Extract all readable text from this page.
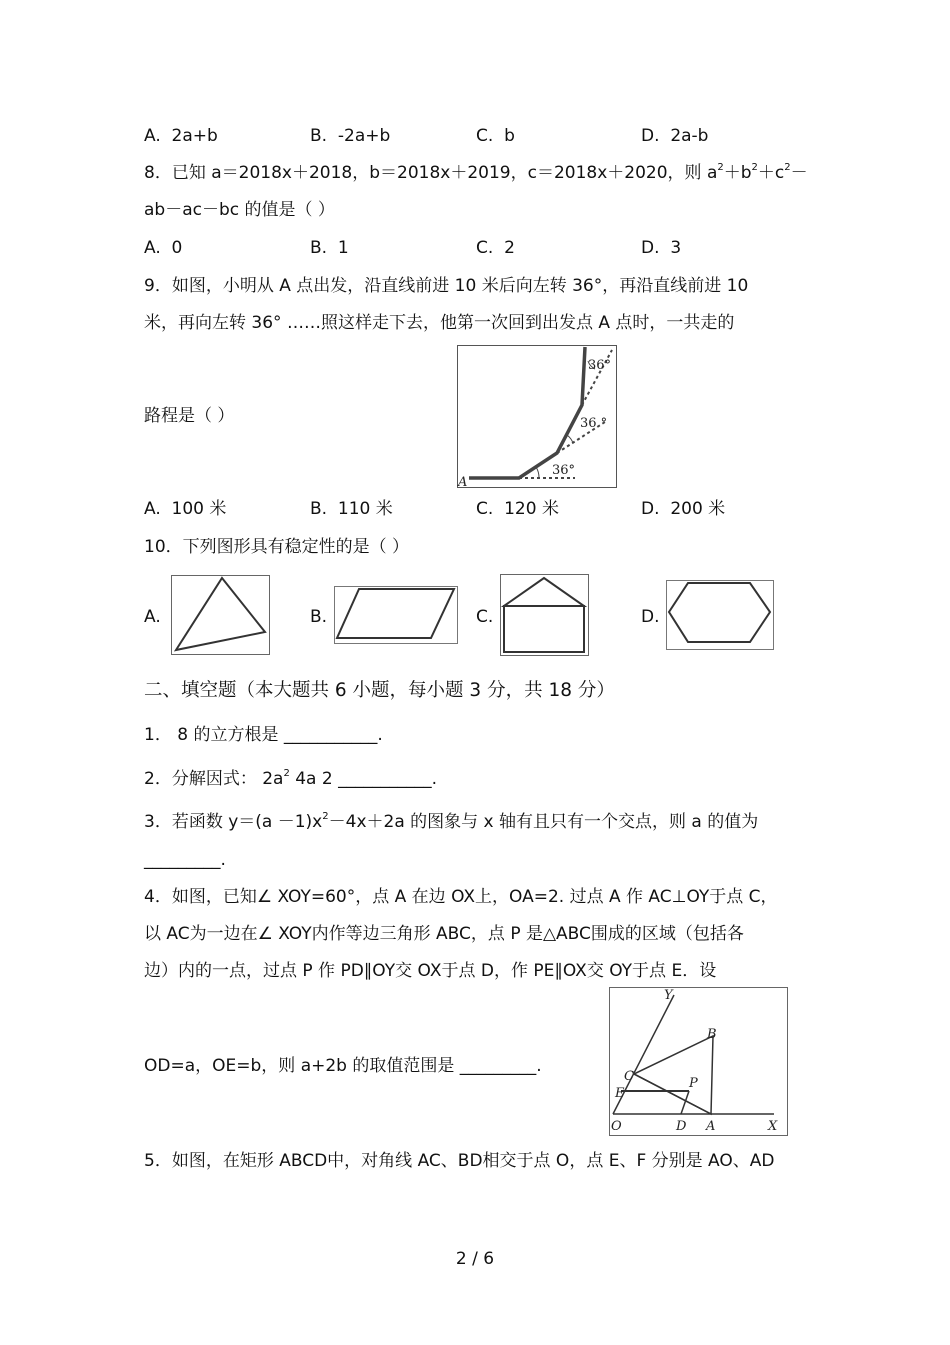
A. 2a+b	B. -2a+b	C. b	D. 2a-b
8．已知 a＝2018x＋2018，b＝2018x＋2019，c＝2018x＋2020，则 $a^2+b^2+c^2-$
ab－ac－bc 的值是（ ）
A. 0	B. 1	C. 2	D. 3
9．如图，小明从 A 点出发，沿直线前进 10 米后向左转 36°，再沿直线前进 10
米，再向左转 36° ……照这样走下去，他第一次回到出发点 A 点时，一共走的
路程是（ ）
36°
36 °
36°
A
A. 100 米	B. 110 米	C. 120 米	D. 200 米
10．下列图形具有稳定性的是（ ）
A.	B.	C.	D.
二、填空题（本大题共 6 小题，每小题 3 分，共 18 分）
1． 8 的立方根是 ___________.
2．分解因式： $2a^2$ 4a 2 ___________.
3．若函数 $y=(a -1)x^2-4x+2a$ 的图象与 x 轴有且只有一个交点，则 a 的值为
_________.
4．如图，已知∠ XOY=60°，点 A 在边 OX上，OA=2. 过点 A 作 AC⊥OY于点 C，
以 AC为一边在∠ XOY内作等边三角形 ABC，点 P 是△ABC围成的区域（包括各
边）内的一点，过点 P 作 PD∥OY交 OX于点 D，作 PE∥OX交 OY于点 E．设
OD=a，OE=b，则 a+2b 的取值范围是 _________.
Y
B
C	P
E
O	D A	X
5．如图，在矩形 ABCD中，对角线 AC、BD相交于点 O，点 E、F 分别是 AO、AD
2 / 6
